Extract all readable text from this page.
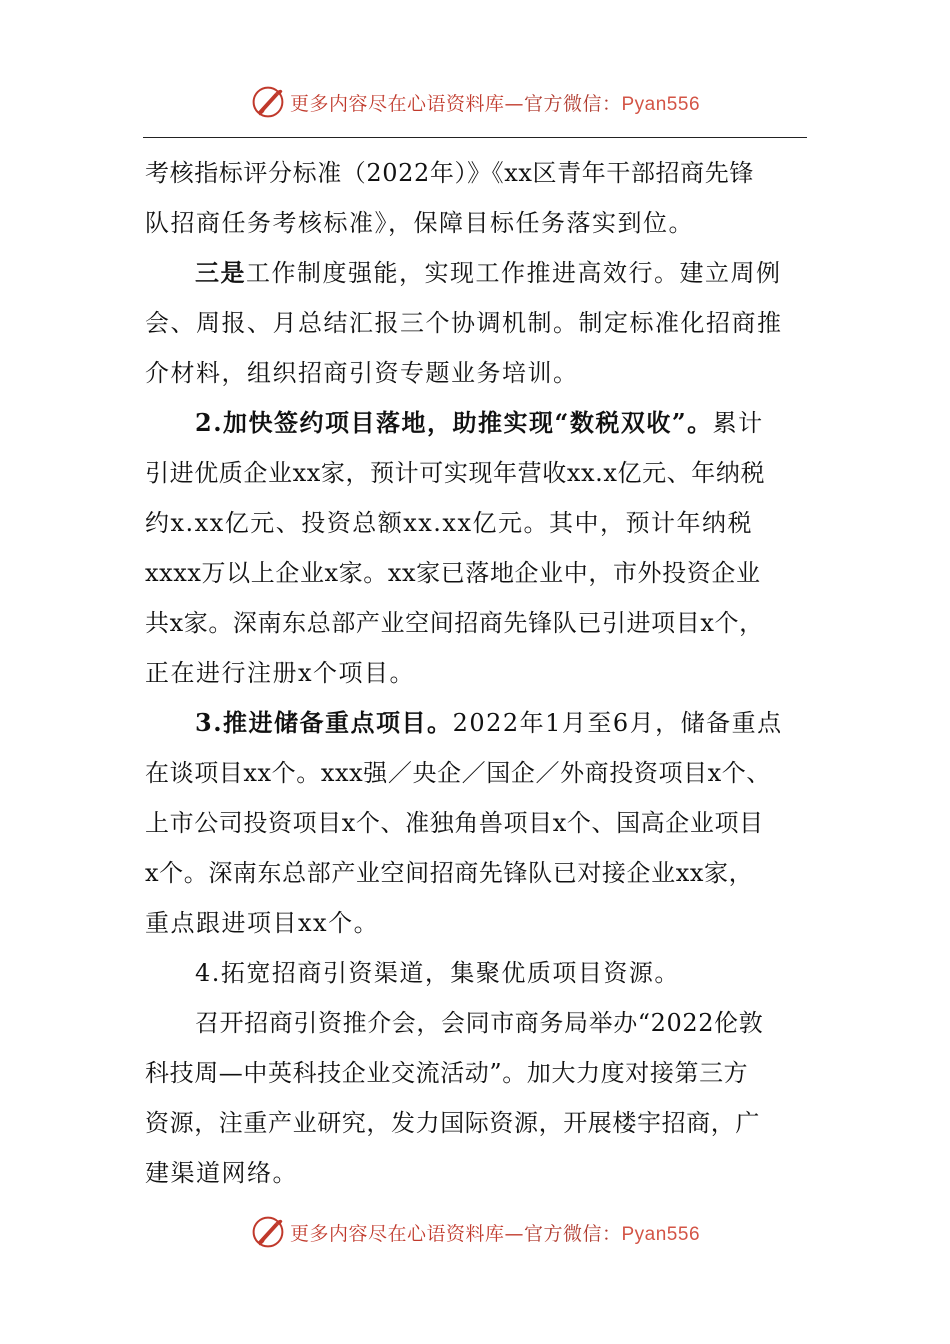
更多内容尽在心语资料库—官方微信：Pyan556
考核指标评分标准（2022年）》《xx区青年干部招商先锋
队招商任务考核标准》，保障目标任务落实到位。
三是工作制度强能，实现工作推进高效行。建立周例
会、周报、月总结汇报三个协调机制。制定标准化招商推
介材料，组织招商引资专题业务培训。
2.加快签约项目落地，助推实现“数税双收”。累计
引进优质企业xx家，预计可实现年营收xx.x亿元、年纳税
约x.xx亿元、投资总额xx.xx亿元。其中，预计年纳税
xxxx万以上企业x家。xx家已落地企业中，市外投资企业
共x家。深南东总部产业空间招商先锋队已引进项目x个，
正在进行注册x个项目。
3.推进储备重点项目。2022年1月至6月，储备重点
在谈项目xx个。xxx强／央企／国企／外商投资项目x个、
上市公司投资项目x个、准独角兽项目x个、国高企业项目
x个。深南东总部产业空间招商先锋队已对接企业xx家，
重点跟进项目xx个。
4.拓宽招商引资渠道，集聚优质项目资源。
召开招商引资推介会，会同市商务局举办“2022伦敦
科技周—中英科技企业交流活动”。加大力度对接第三方
资源，注重产业研究，发力国际资源，开展楼宇招商，广
建渠道网络。
更多内容尽在心语资料库—官方微信：Pyan556
